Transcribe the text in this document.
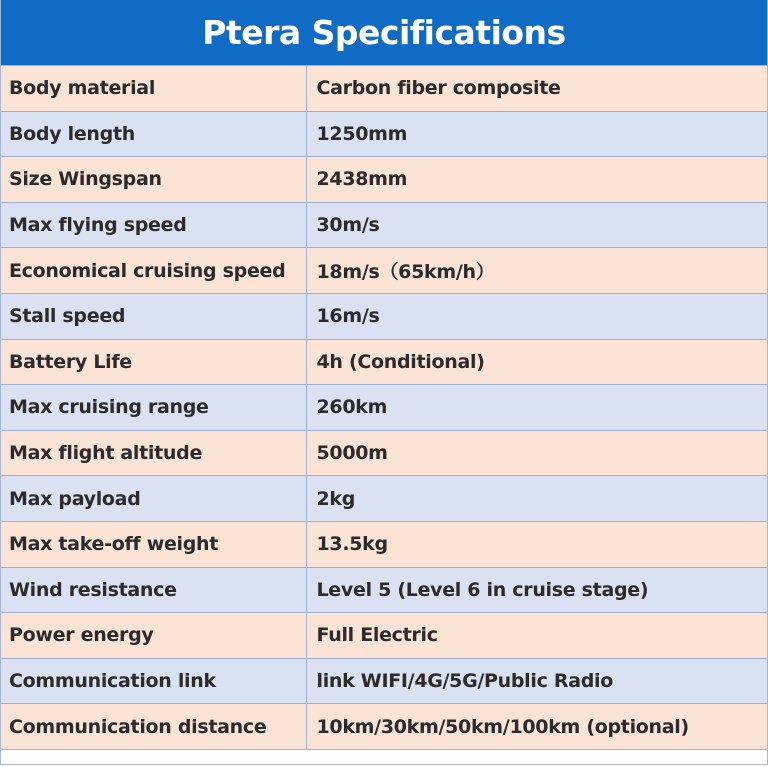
Ptera Specifications
Body material	Carbon fiber composite
Body length	1250mm
Size Wingspan	2438mm
Max flying speed	30m/s
Economical cruising speed	18m/s（65km/h）
Stall speed	16m/s
Battery Life	4h (Conditional)
Max cruising range	260km
Max flight altitude	5000m
Max payload	2kg
Max take-off weight	13.5kg
Wind resistance	Level 5 (Level 6 in cruise stage)
Power energy	Full Electric
Communication link	link WIFI/4G/5G/Public Radio
Communication distance	10km/30km/50km/100km (optional)
